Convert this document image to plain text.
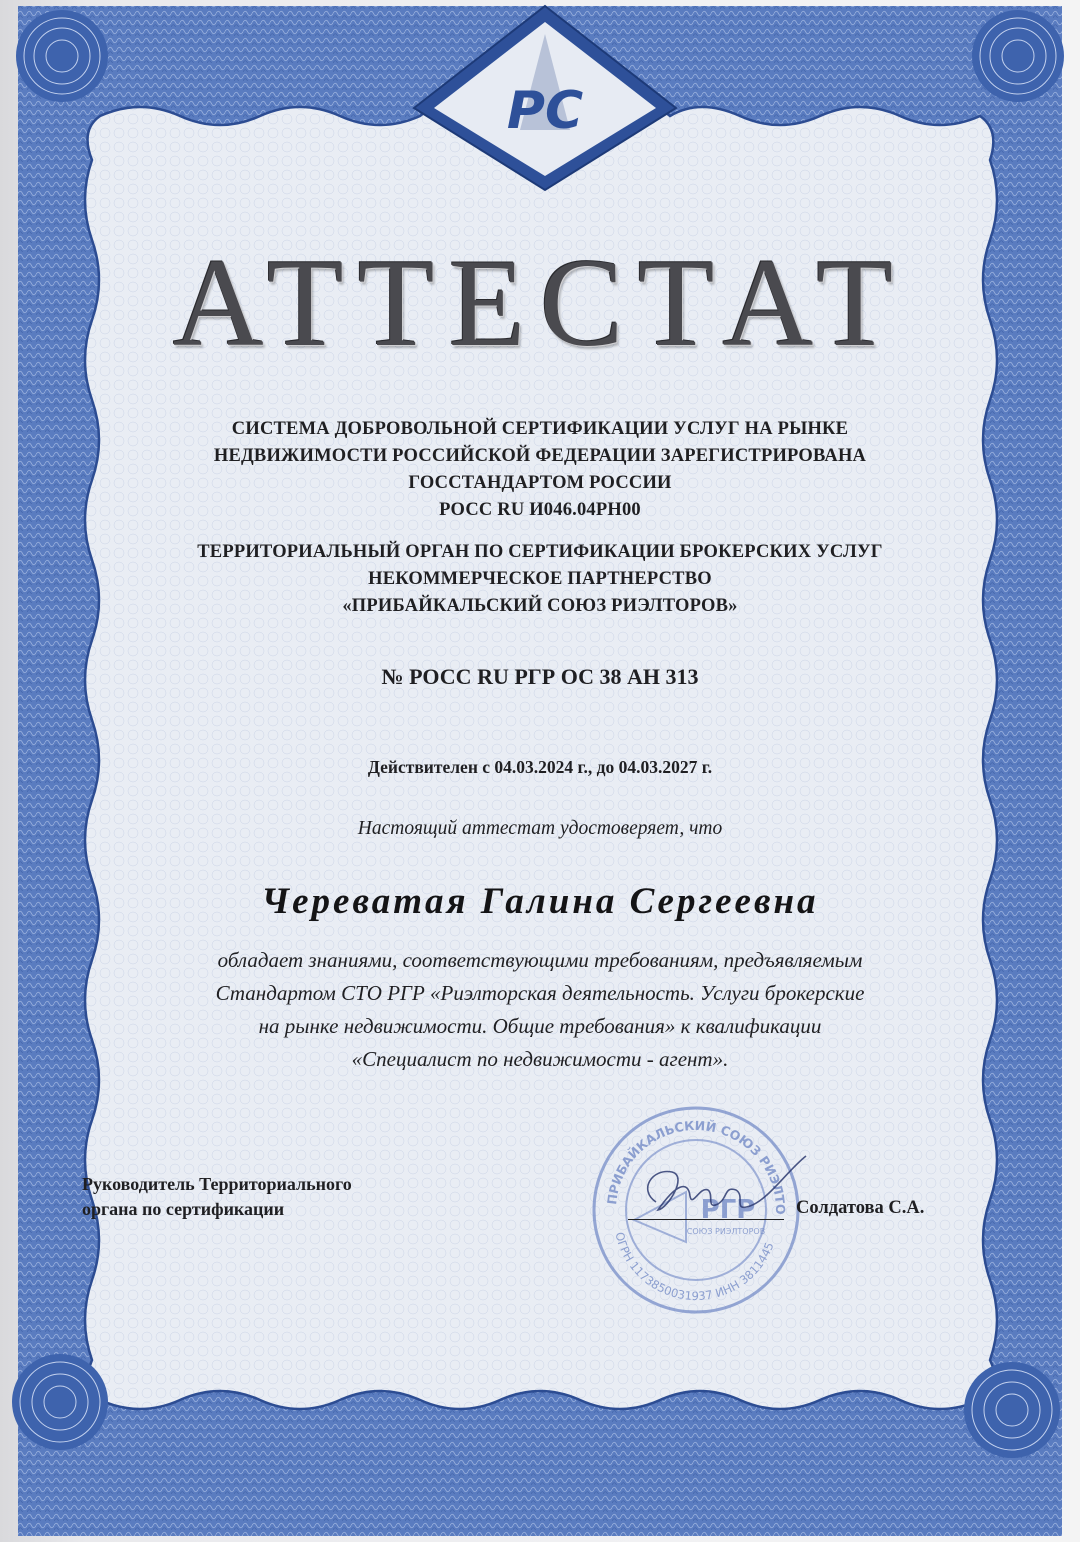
РС
АТТЕСТАТ
СИСТЕМА ДОБРОВОЛЬНОЙ СЕРТИФИКАЦИИ УСЛУГ НА РЫНКЕ
НЕДВИЖИМОСТИ РОССИЙСКОЙ ФЕДЕРАЦИИ ЗАРЕГИСТРИРОВАНА
ГОССТАНДАРТОМ РОССИИ
РОСС RU И046.04РН00
ТЕРРИТОРИАЛЬНЫЙ ОРГАН ПО СЕРТИФИКАЦИИ БРОКЕРСКИХ УСЛУГ
НЕКОММЕРЧЕСКОЕ ПАРТНЕРСТВО
«ПРИБАЙКАЛЬСКИЙ СОЮЗ РИЭЛТОРОВ»
№ РОСС RU РГР ОС 38 АН 313
Действителен с 04.03.2024 г., до 04.03.2027 г.
Настоящий аттестат удостоверяет, что
Череватая Галина Сергеевна
обладает знаниями, соответствующими требованиям, предъявляемым
Стандартом СТО РГР «Риэлторская деятельность. Услуги брокерские
на рынке недвижимости. Общие требования» к квалификации
«Специалист по недвижимости - агент».
Руководитель Территориального
органа по сертификации	ПРИБАЙКАЛЬСКИЙ СОЮЗ РИЭЛТО
ОГРН 1173850031937 ИНН 3811445
РГР
СОЮЗ РИЭЛТОРОВ
Солдатова С.А.
